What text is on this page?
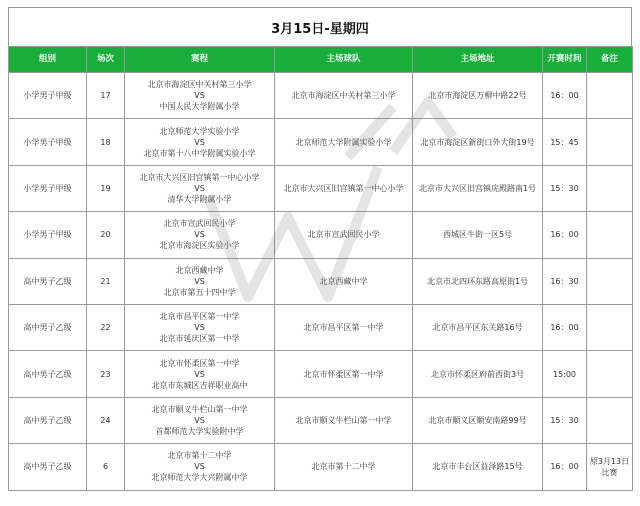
3月15日-星期四
组别	场次	赛程	主场球队	主场地址	开赛时间	备注
小学男子甲级	17	北京市海淀区中关村第三小学
VS
中国人民大学附属小学	北京市海淀区中关村第三小学	北京市海淀区万柳中路22号	16：00	
小学男子甲级	18	北京师范大学实验小学
VS
北京市第十八中学附属实验小学	北京师范大学附属实验小学	北京市海淀区新街口外大街19号	15：45	
小学男子甲级	19	北京市大兴区旧宫镇第一中心小学
VS
清华大学附属小学	北京市大兴区旧宫镇第一中心小学	北京市大兴区旧宫镇庑殿路南1号	15：30	
小学男子甲级	20	北京市宣武回民小学
VS
北京市海淀区实验小学	北京市宣武回民小学	西城区牛街一区5号	16：00	
高中男子乙级	21	北京西藏中学
VS
北京市第五十四中学	北京西藏中学	北京市北四环东路高原街1号	16：30	
高中男子乙级	22	北京市昌平区第一中学
VS
北京市延庆区第一中学	北京市昌平区第一中学	北京市昌平区东关路16号	16：00	
高中男子乙级	23	北京市怀柔区第一中学
VS
北京市东城区吉祥职业高中	北京市怀柔区第一中学	北京市怀柔区府前西街3号	15:00	
高中男子乙级	24	北京市顺义牛栏山第一中学
VS
首都师范大学实验附中学	北京市顺义牛栏山第一中学	北京市顺义区顺安南路99号	15：30	
高中男子乙级	6	北京市第十二中学
VS
北京师范大学大兴附属中学	北京市第十二中学	北京市丰台区益泽路15号	16：00	原3月13日比赛
